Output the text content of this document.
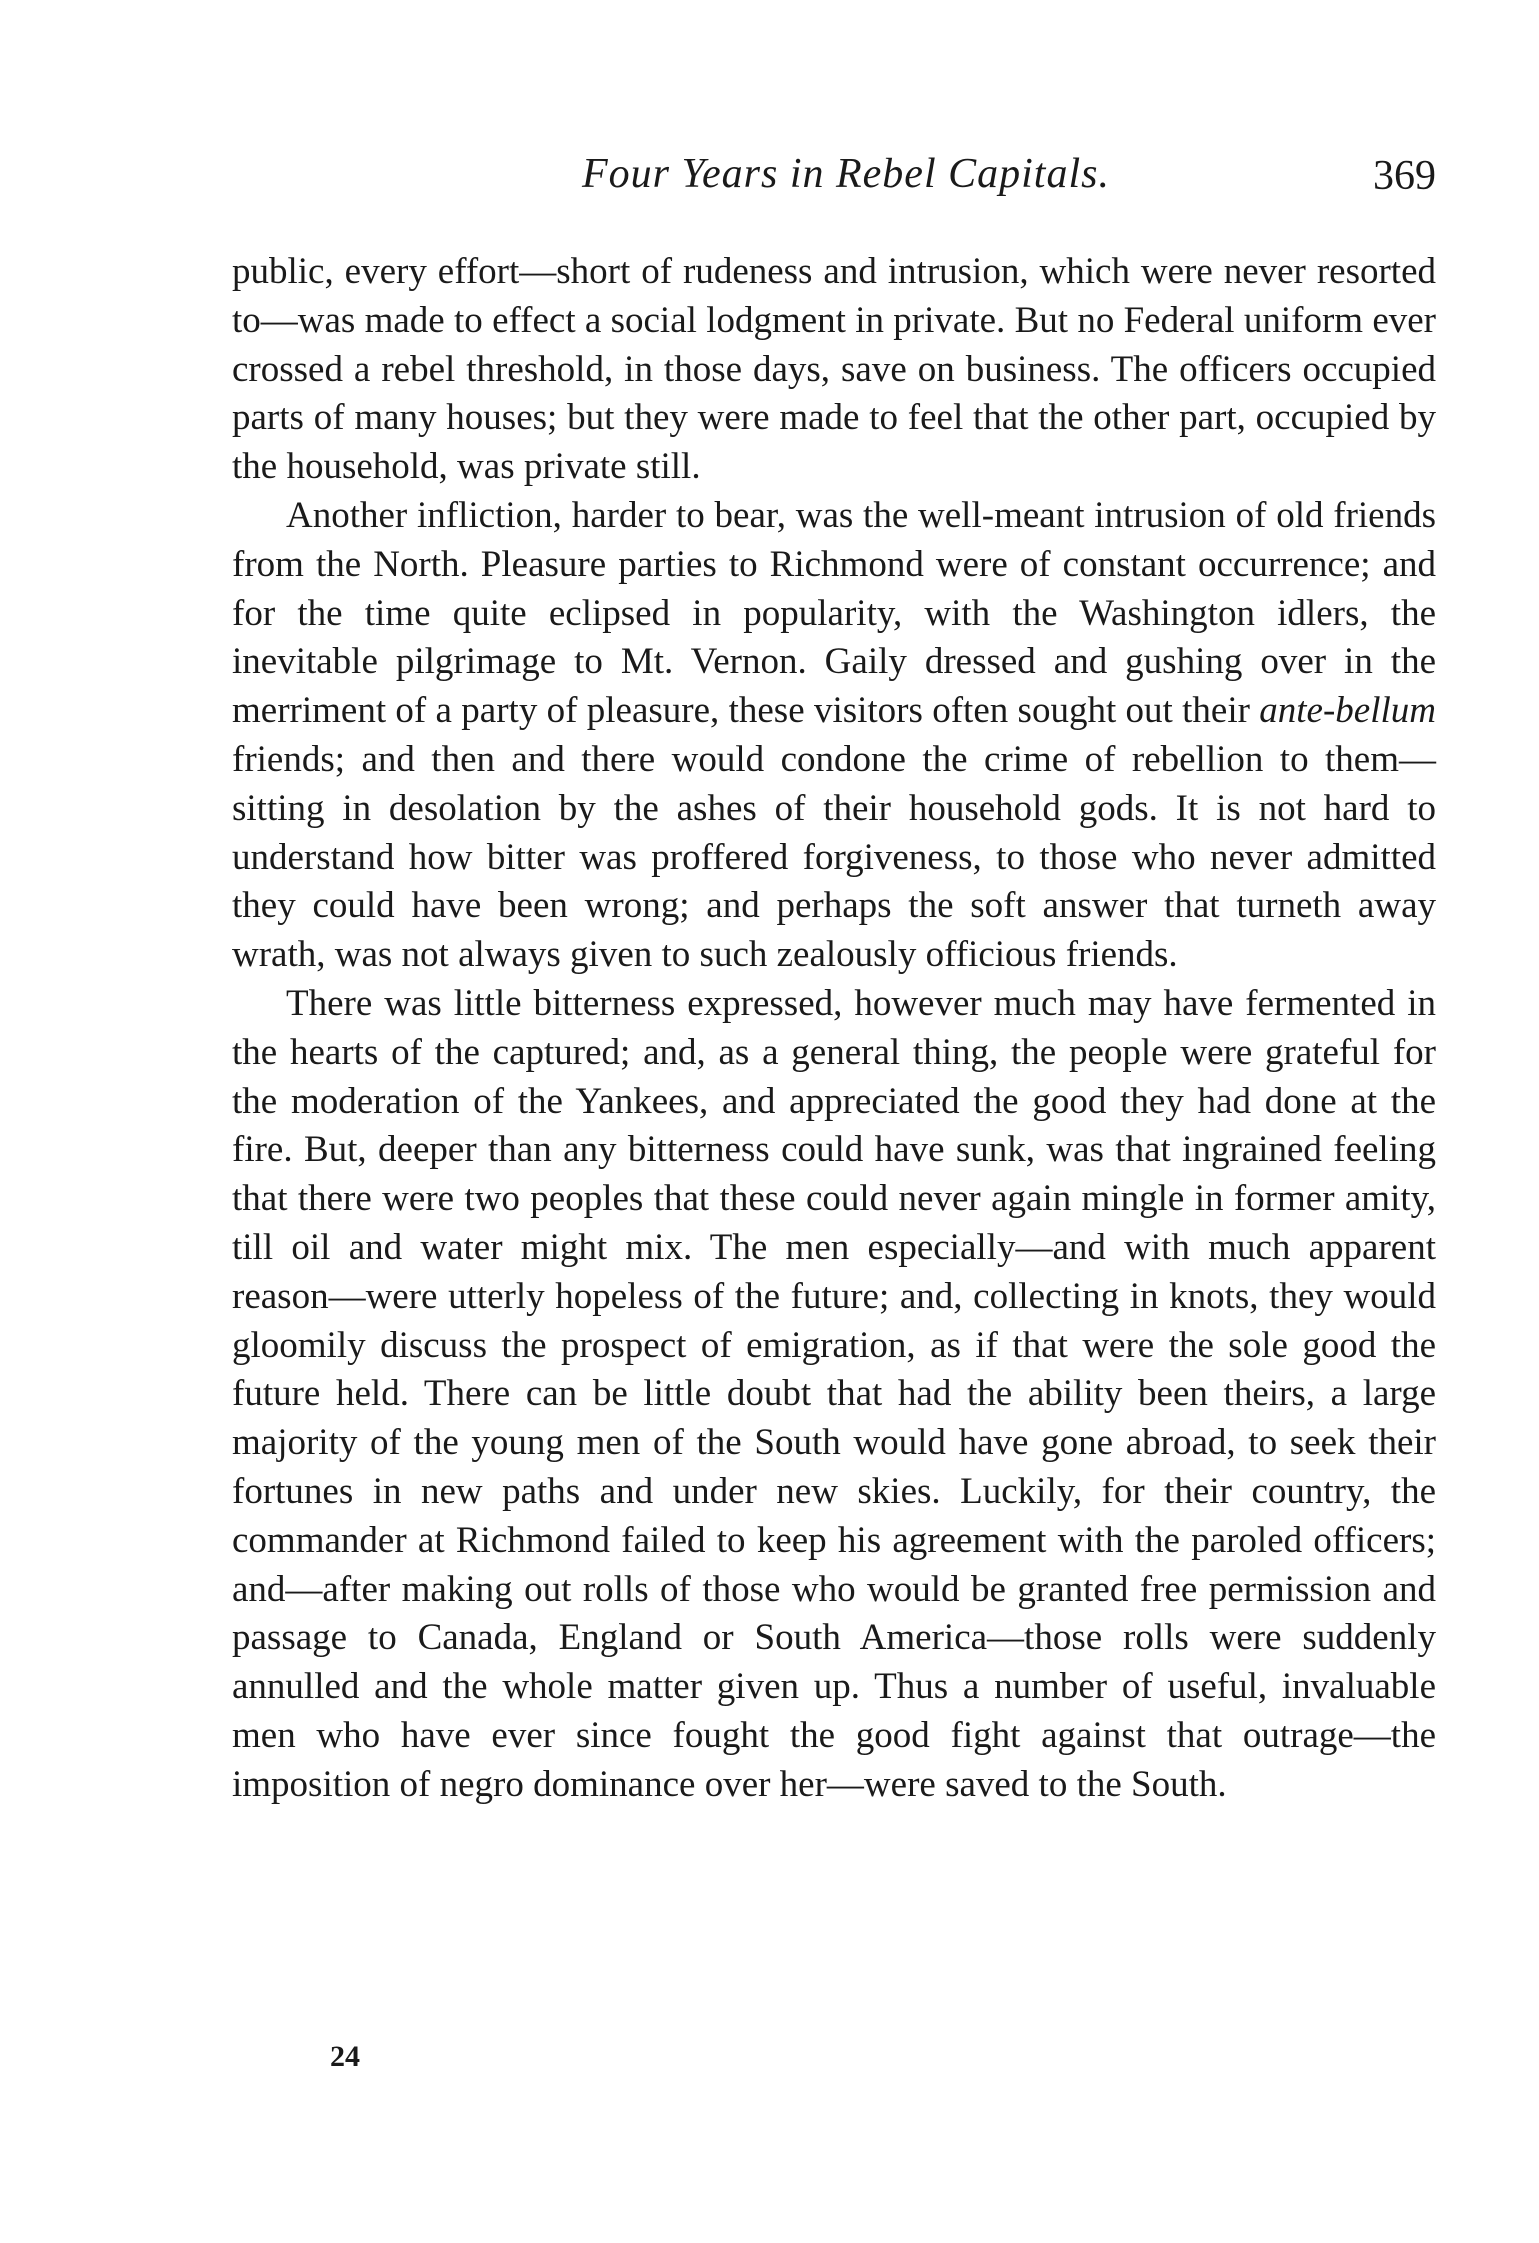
Four Years in Rebel Capitals.	369

public, every effort—short of rudeness and intrusion, which were never resorted to—was made to effect a social lodgment in private. But no Federal uniform ever crossed a rebel threshold, in those days, save on business. The officers occupied parts of many houses; but they were made to feel that the other part, occupied by the household, was private still.

Another infliction, harder to bear, was the well-meant intrusion of old friends from the North. Pleasure parties to Richmond were of constant occurrence; and for the time quite eclipsed in popularity, with the Washington idlers, the inevitable pilgrimage to Mt. Vernon. Gaily dressed and gushing over in the merriment of a party of pleasure, these visitors often sought out their ante-bellum friends; and then and there would condone the crime of rebellion to them—sitting in desolation by the ashes of their household gods. It is not hard to understand how bitter was proffered forgiveness, to those who never admitted they could have been wrong; and perhaps the soft answer that turneth away wrath, was not always given to such zealously officious friends.

There was little bitterness expressed, however much may have fermented in the hearts of the captured; and, as a general thing, the people were grateful for the moderation of the Yankees, and appreciated the good they had done at the fire. But, deeper than any bitterness could have sunk, was that ingrained feeling that there were two peoples that these could never again mingle in former amity, till oil and water might mix. The men especially—and with much apparent reason—were utterly hopeless of the future; and, collecting in knots, they would gloomily discuss the prospect of emigration, as if that were the sole good the future held. There can be little doubt that had the ability been theirs, a large majority of the young men of the South would have gone abroad, to seek their fortunes in new paths and under new skies. Luckily, for their country, the commander at Richmond failed to keep his agreement with the paroled officers; and—after making out rolls of those who would be granted free permission and passage to Canada, England or South America—those rolls were suddenly annulled and the whole matter given up. Thus a number of useful, invaluable men who have ever since fought the good fight against that outrage—the imposition of negro dominance over her—were saved to the South.

24
